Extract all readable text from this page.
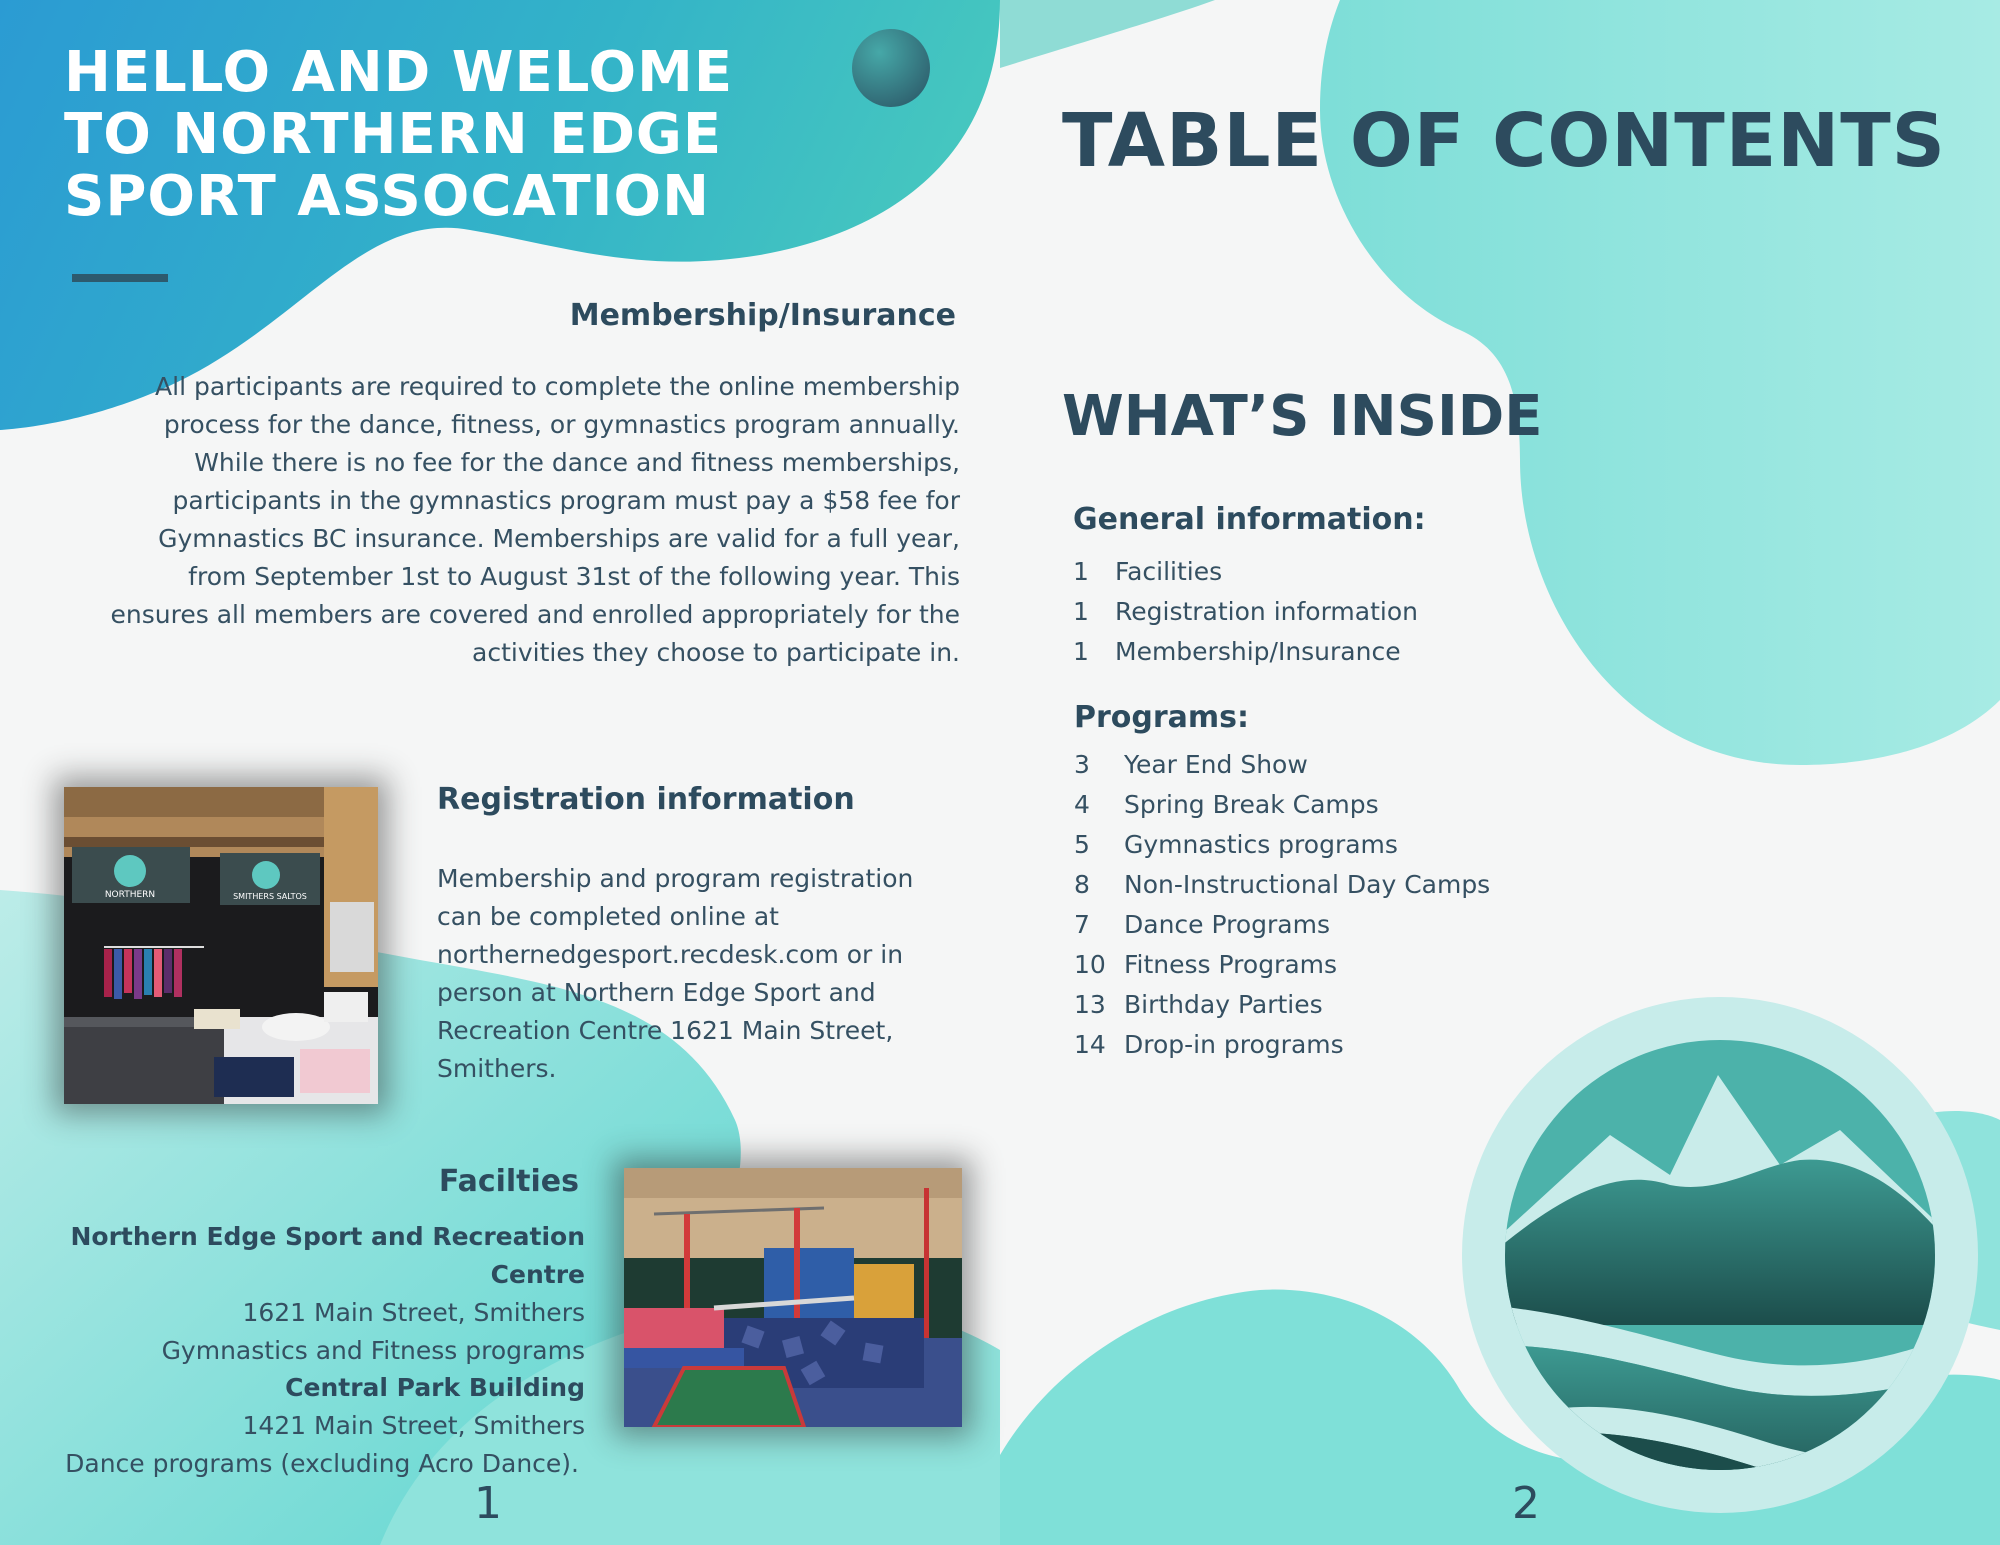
HELLO AND WELOME
TO NORTHERN EDGE
SPORT ASSOCATION
Membership/Insurance
All participants are required to complete the online membership
process for the dance, fitness, or gymnastics program annually.
While there is no fee for the dance and fitness memberships,
participants in the gymnastics program must pay a $58 fee for
Gymnastics BC insurance. Memberships are valid for a full year,
from September 1st to August 31st of the following year. This
ensures all members are covered and enrolled appropriately for the
activities they choose to participate in.
NORTHERN	SMITHERS SALTOS
Registration information
Membership and program registration
can be completed online at
northernedgesport.recdesk.com or in
person at Northern Edge Sport and
Recreation Centre 1621 Main Street,
Smithers.
Facilties
Northern Edge Sport and Recreation Centre
1621 Main Street, Smithers
Gymnastics and Fitness programs
Central Park Building
1421 Main Street, Smithers
Dance programs (excluding Acro Dance).
1
TABLE OF CONTENTS
WHAT’S INSIDE
General information:
1	Facilities
1	Registration information
1	Membership/Insurance
Programs:
3	Year End Show
4	Spring Break Camps
5	Gymnastics programs
8	Non-Instructional Day Camps
7	Dance Programs
10 Fitness Programs
13 Birthday Parties
14 Drop-in programs
2
